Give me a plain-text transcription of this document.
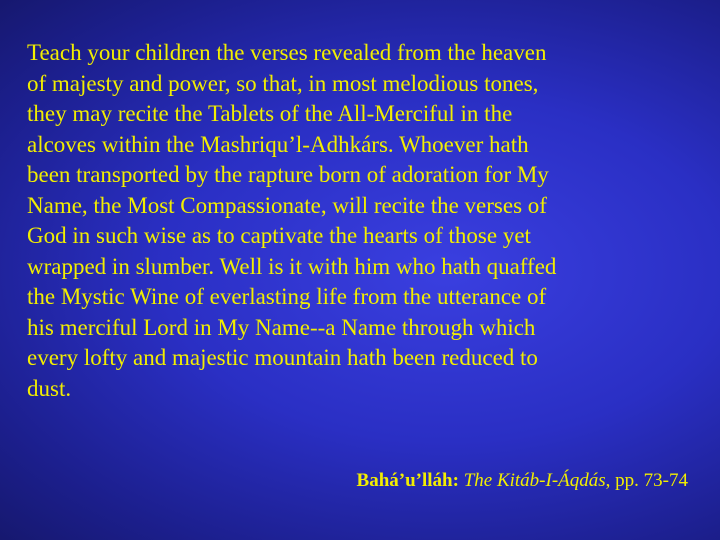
Teach your children the verses revealed from the heaven
of majesty and power, so that, in most melodious tones,
they may recite the Tablets of the All-Merciful in the
alcoves within the Mashriqu’l-Adhkárs. Whoever hath
been transported by the rapture born of adoration for My
Name, the Most Compassionate, will recite the verses of
God in such wise as to captivate the hearts of those yet
wrapped in slumber. Well is it with him who hath quaffed
the Mystic Wine of everlasting life from the utterance of
his merciful Lord in My Name--a Name through which
every lofty and majestic mountain hath been reduced to
dust.

Bahá’u’lláh: The Kitáb-I-Áqdás, pp. 73-74
